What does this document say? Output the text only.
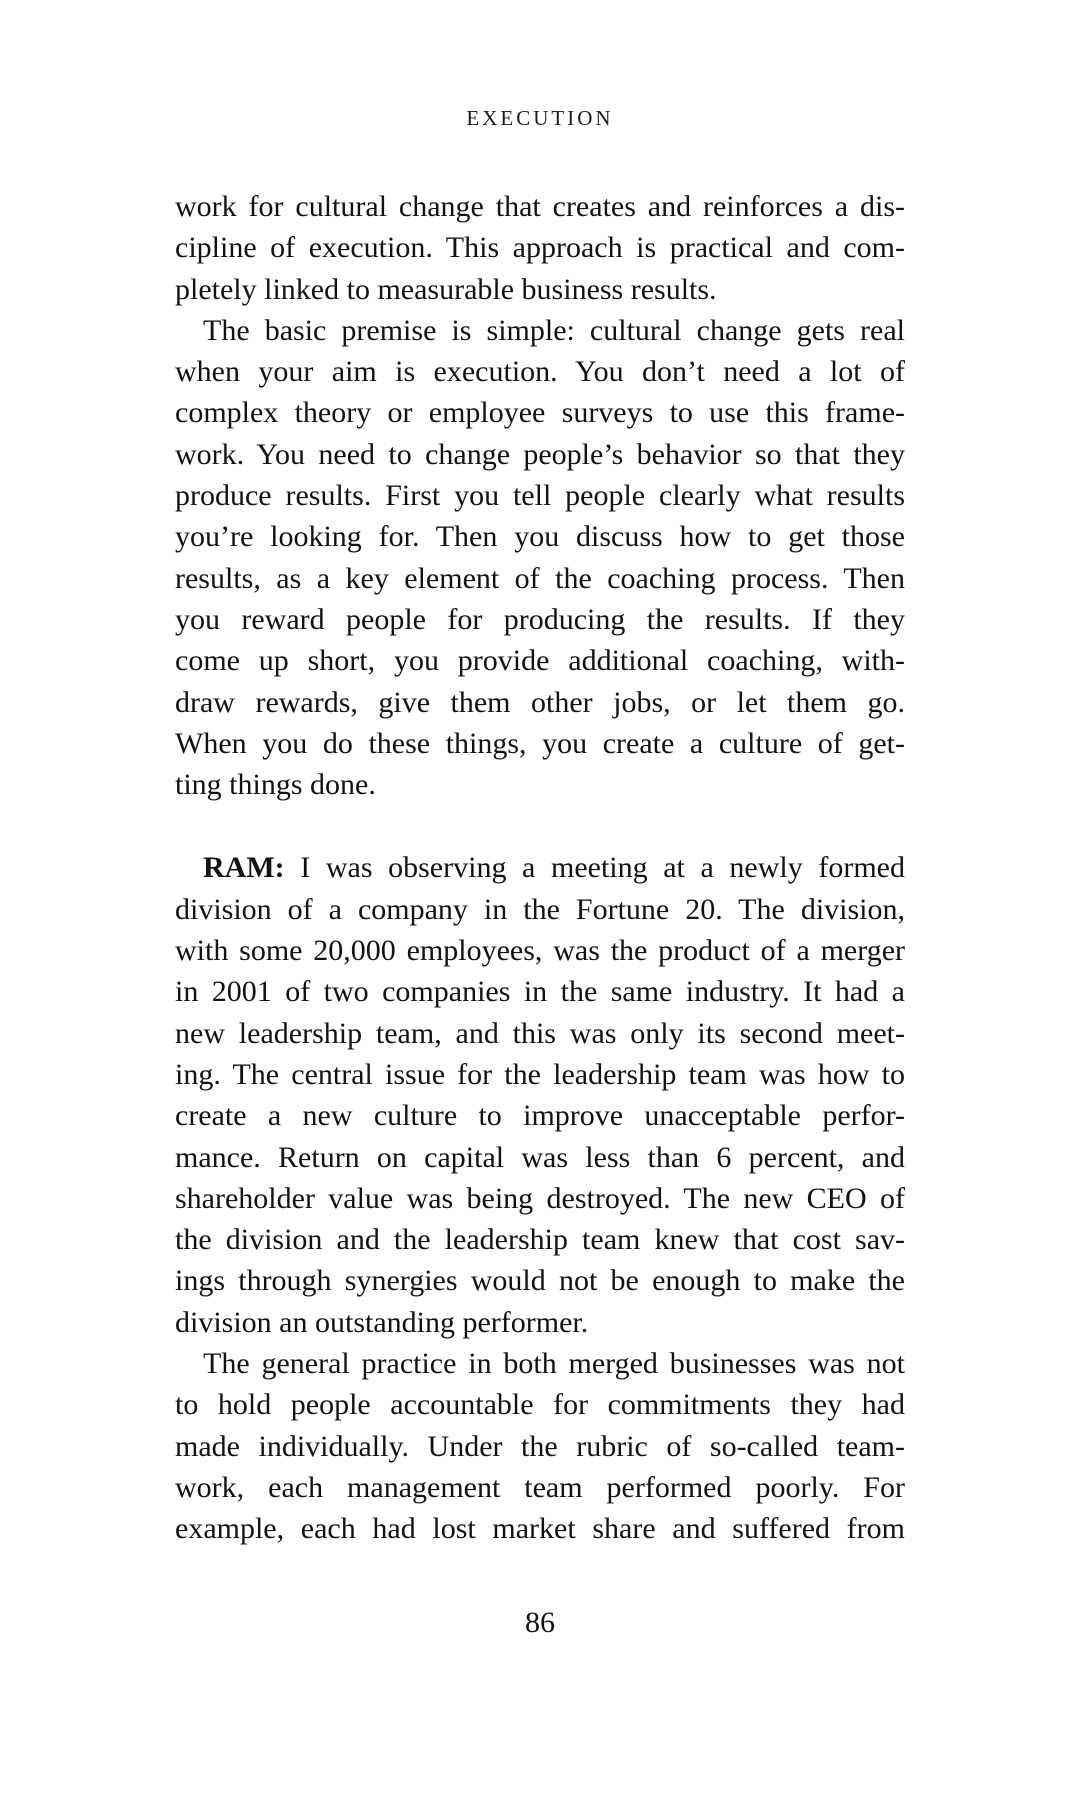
EXECUTION
work for cultural change that creates and reinforces a dis-
cipline of execution. This approach is practical and com-
pletely linked to measurable business results.
The basic premise is simple: cultural change gets real
when your aim is execution. You don’t need a lot of
complex theory or employee surveys to use this frame-
work. You need to change people’s behavior so that they
produce results. First you tell people clearly what results
you’re looking for. Then you discuss how to get those
results, as a key element of the coaching process. Then
you reward people for producing the results. If they
come up short, you provide additional coaching, with-
draw rewards, give them other jobs, or let them go.
When you do these things, you create a culture of get-
ting things done.
RAM: I was observing a meeting at a newly formed
division of a company in the Fortune 20. The division,
with some 20,000 employees, was the product of a merger
in 2001 of two companies in the same industry. It had a
new leadership team, and this was only its second meet-
ing. The central issue for the leadership team was how to
create a new culture to improve unacceptable perfor-
mance. Return on capital was less than 6 percent, and
shareholder value was being destroyed. The new CEO of
the division and the leadership team knew that cost sav-
ings through synergies would not be enough to make the
division an outstanding performer.
The general practice in both merged businesses was not
to hold people accountable for commitments they had
made individually. Under the rubric of so-called team-
work, each management team performed poorly. For
example, each had lost market share and suffered from
86
